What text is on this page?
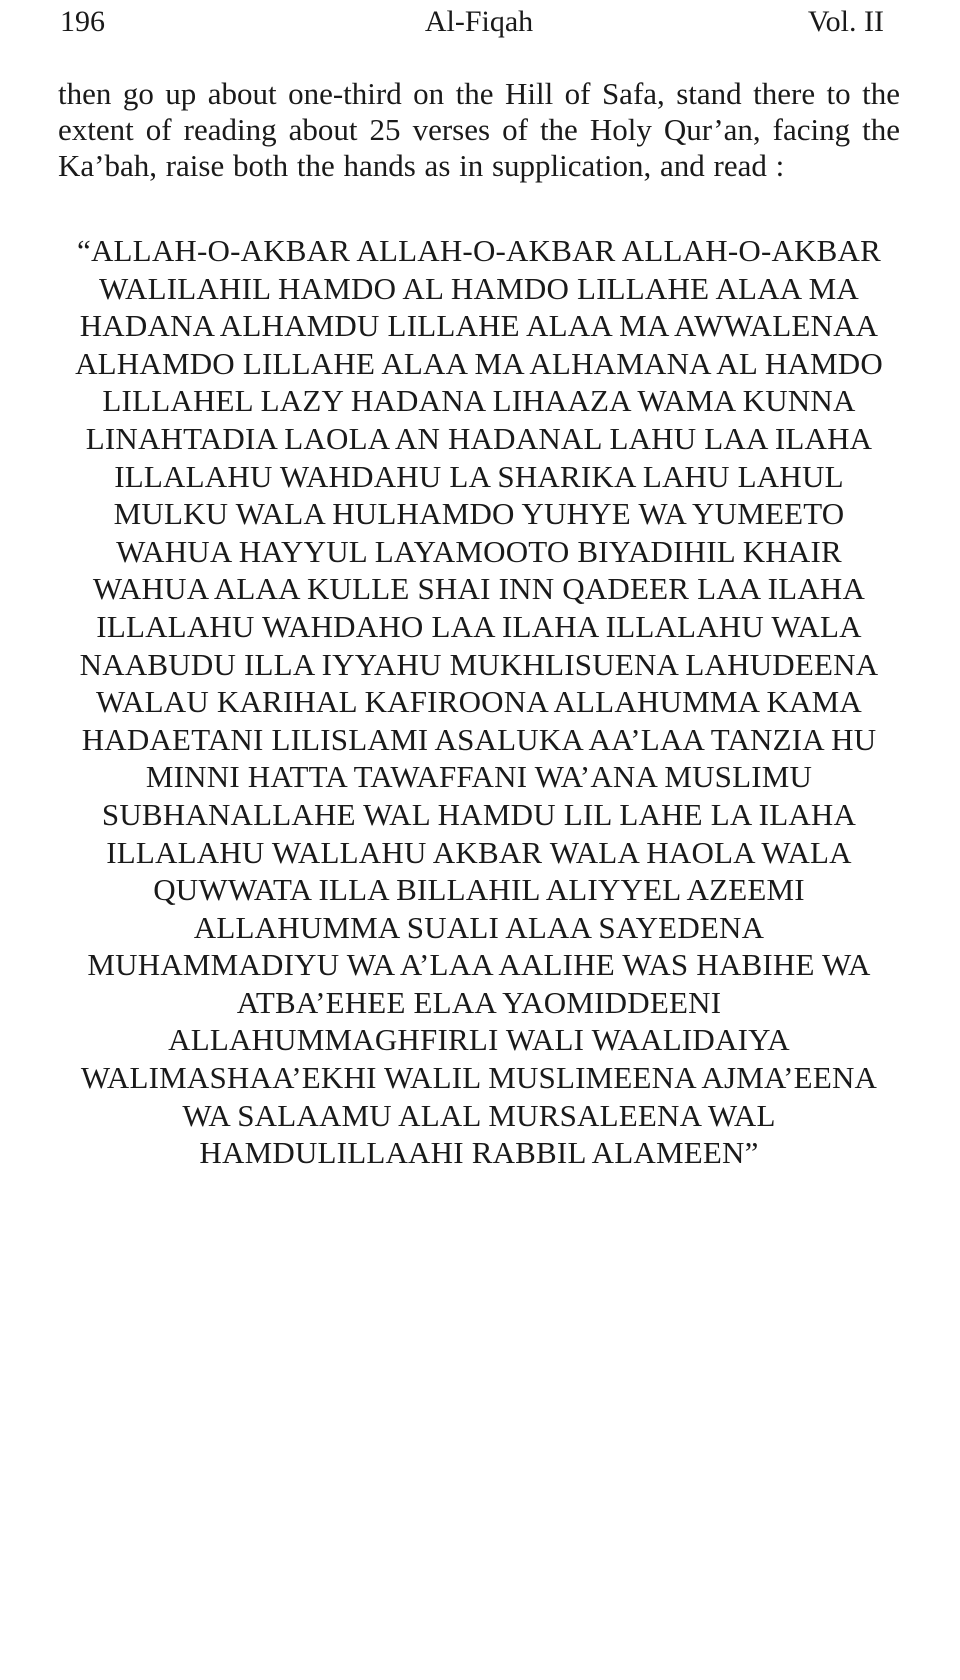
196	Al-Fiqah	Vol. II

then go up about one-third on the Hill of Safa, stand there to the extent of reading about 25 verses of the Holy Qur’an, facing the Ka’bah, raise both the hands as in supplication, and read :

“ALLAH-O-AKBAR ALLAH-O-AKBAR ALLAH-O-AKBAR
WALILAHIL HAMDO AL HAMDO LILLAHE ALAA MA
HADANA ALHAMDU LILLAHE ALAA MA AWWALENAA
ALHAMDO LILLAHE ALAA MA ALHAMANA AL HAMDO
LILLAHEL LAZY HADANA LIHAAZA WAMA KUNNA
LINAHTADIA LAOLA AN HADANAL LAHU LAA ILAHA
ILLALAHU WAHDAHU LA SHARIKA LAHU LAHUL
MULKU WALA HULHAMDO YUHYE WA YUMEETO
WAHUA HAYYUL LAYAMOOTO BIYADIHIL KHAIR
WAHUA ALAA KULLE SHAI INN QADEER LAA ILAHA
ILLALAHU WAHDAHO LAA ILAHA ILLALAHU WALA
NAABUDU ILLA IYYAHU MUKHLISUENA LAHUDEENA
WALAU KARIHAL KAFIROONA ALLAHUMMA KAMA
HADAETANI LILISLAMI ASALUKA AA’LAA TANZIA HU
MINNI HATTA TAWAFFANI WA’ANA MUSLIMU
SUBHANALLAHE WAL HAMDU LIL LAHE LA ILAHA
ILLALAHU WALLAHU AKBAR WALA HAOLA WALA
QUWWATA ILLA BILLAHIL ALIYYEL AZEEMI
ALLAHUMMA SUALI ALAA SAYEDENA
MUHAMMADIYU WA A’LAA AALIHE WAS HABIHE WA
ATBA’EHEE ELAA YAOMIDDEENI
ALLAHUMMAGHFIRLI WALI WAALIDAIYA
WALIMASHAA’EKHI WALIL MUSLIMEENA AJMA’EENA
WA SALAAMU ALAL MURSALEENA WAL
HAMDULILLAAHI RABBIL ALAMEEN”
